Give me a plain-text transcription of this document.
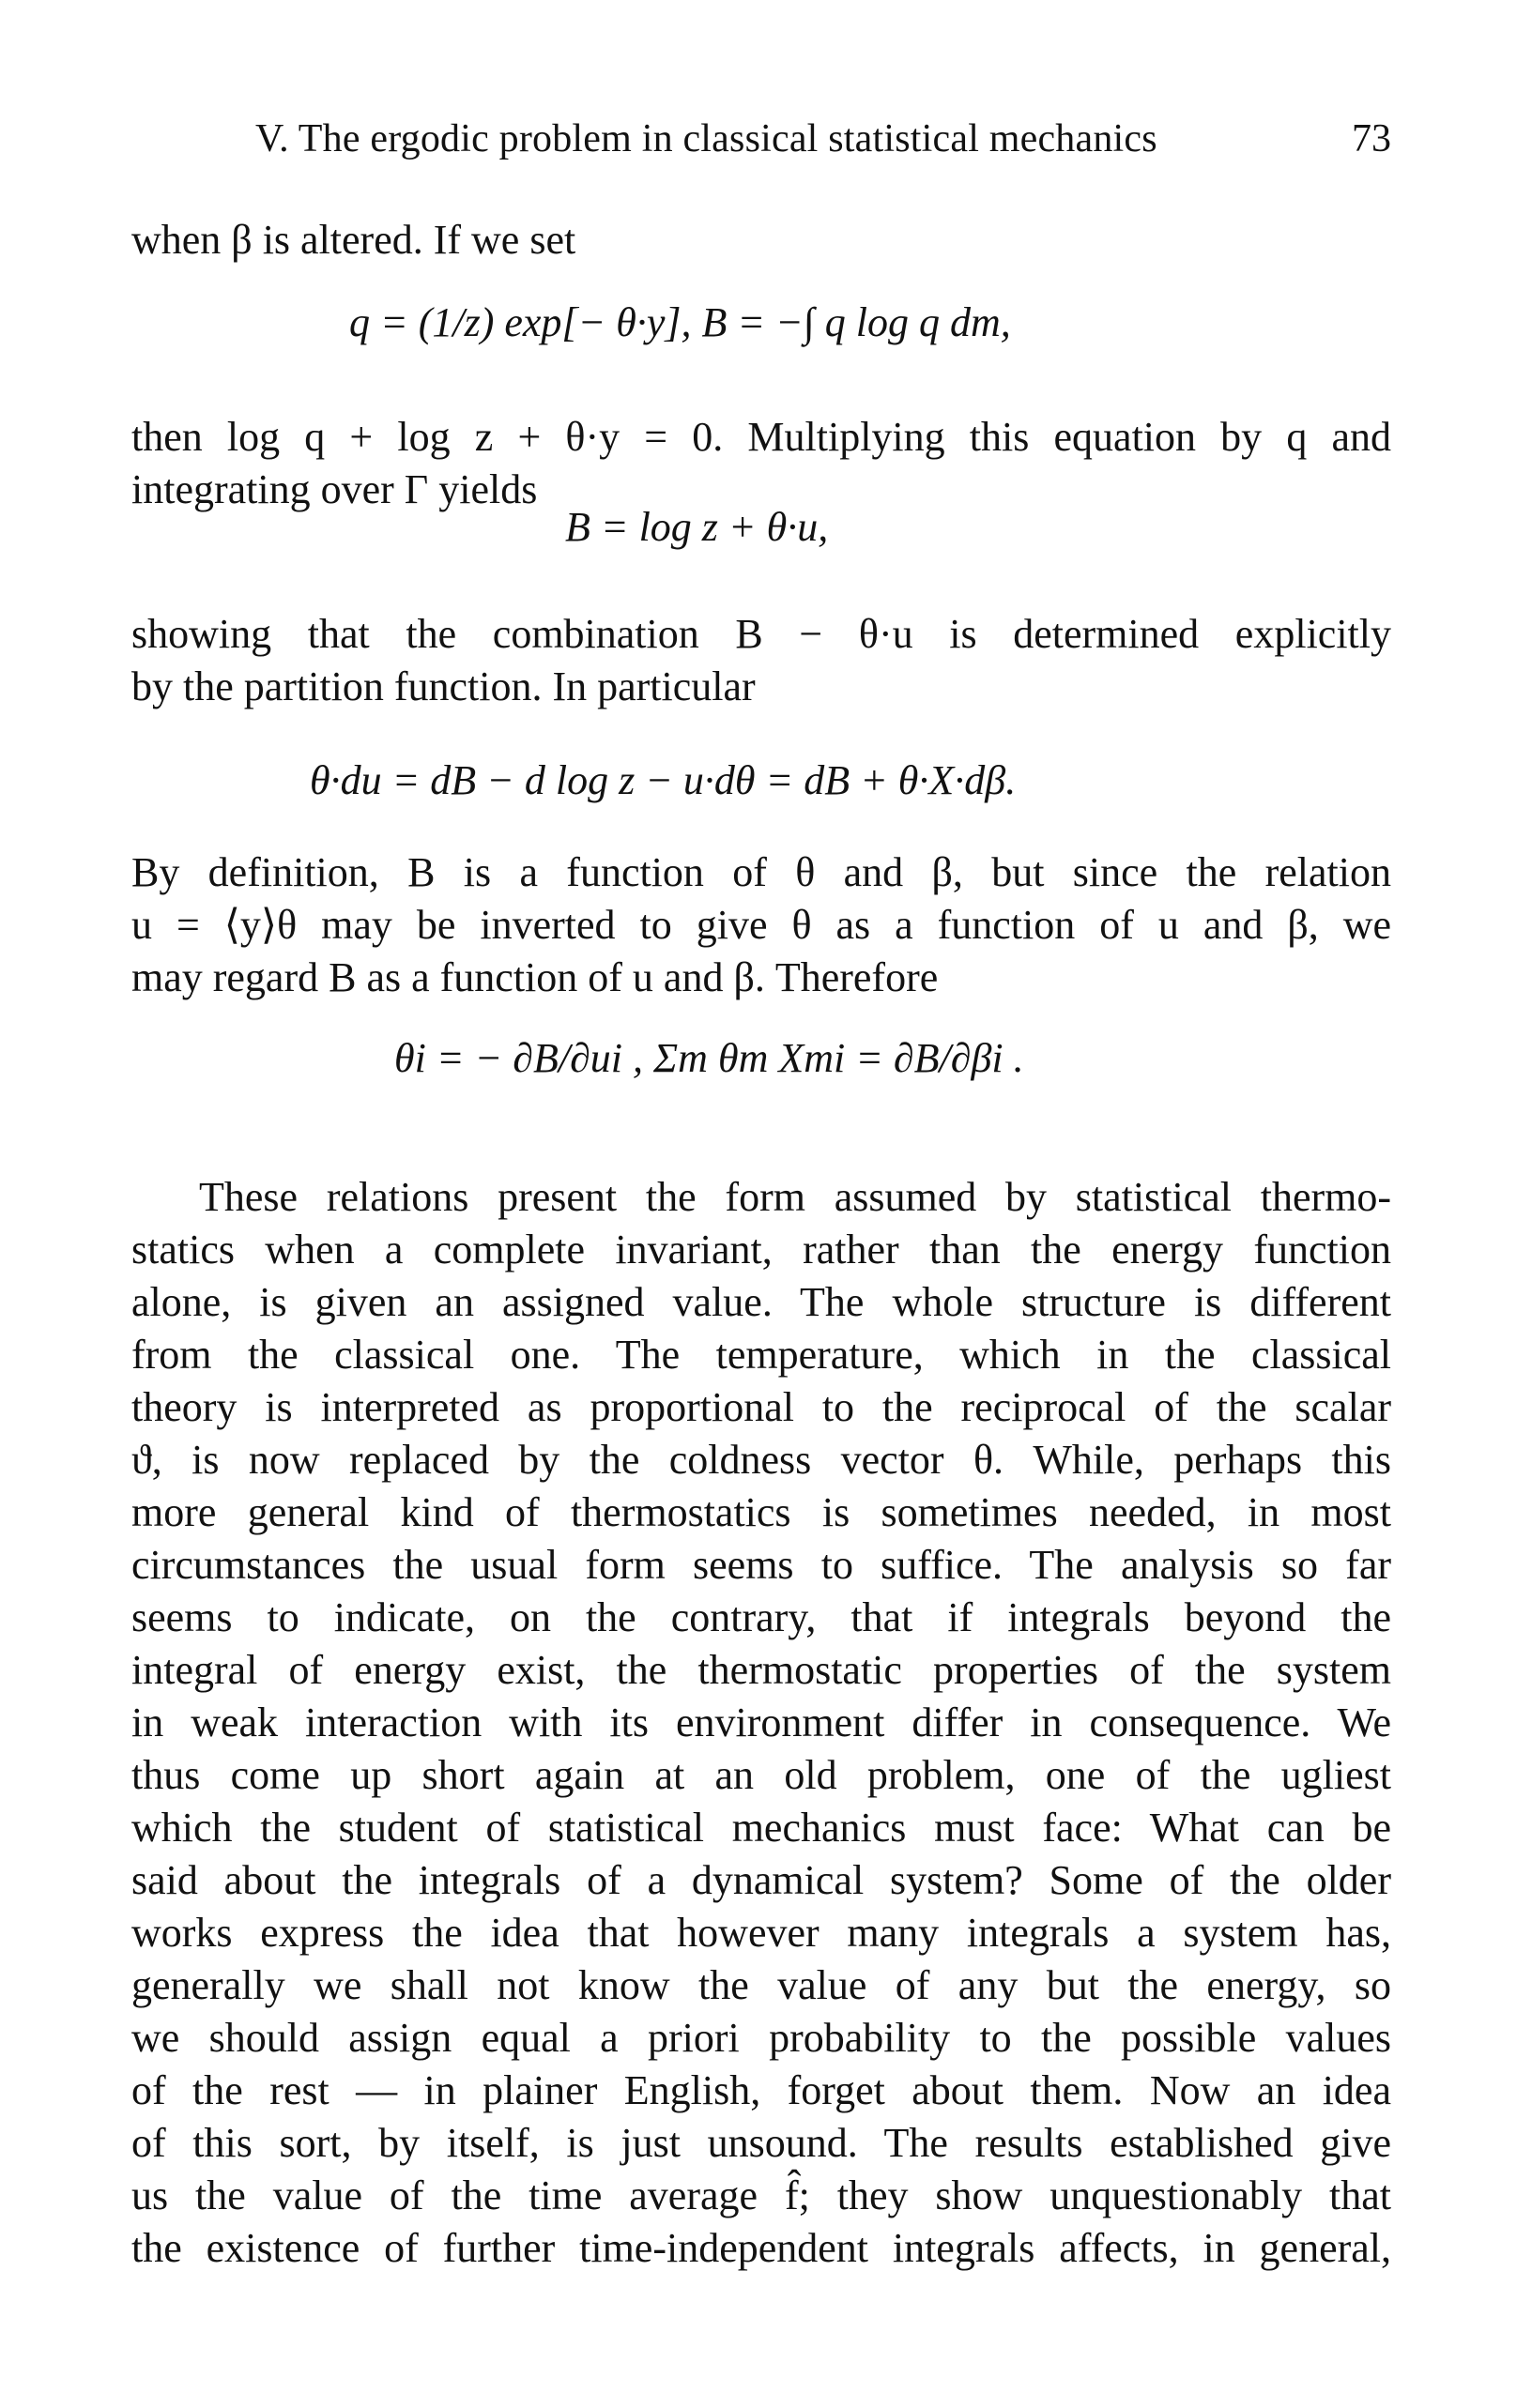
V. The ergodic problem in classical statistical mechanics	73
when β is altered. If we set
q = (1/z) exp[− θ·y], B = −∫ q log q dm,
then log q + log z + θ·y = 0. Multiplying this equation by q and
integrating over Γ yields
B = log z + θ·u,
showing that the combination B − θ·u is determined explicitly
by the partition function. In particular
θ·du = dB − d log z − u·dθ = dB + θ·X·dβ.
By definition, B is a function of θ and β, but since the relation
u = ⟨y⟩θ may be inverted to give θ as a function of u and β, we
may regard B as a function of u and β. Therefore
θi = − ∂B/∂ui , Σm θm Xmi = ∂B/∂βi .
These relations present the form assumed by statistical thermo-
statics when a complete invariant, rather than the energy function
alone, is given an assigned value. The whole structure is different
from the classical one. The temperature, which in the classical
theory is interpreted as proportional to the reciprocal of the scalar
ϑ, is now replaced by the coldness vector θ. While, perhaps this
more general kind of thermostatics is sometimes needed, in most
circumstances the usual form seems to suffice. The analysis so far
seems to indicate, on the contrary, that if integrals beyond the
integral of energy exist, the thermostatic properties of the system
in weak interaction with its environment differ in consequence. We
thus come up short again at an old problem, one of the ugliest
which the student of statistical mechanics must face: What can be
said about the integrals of a dynamical system? Some of the older
works express the idea that however many integrals a system has,
generally we shall not know the value of any but the energy, so
we should assign equal a priori probability to the possible values
of the rest — in plainer English, forget about them. Now an idea
of this sort, by itself, is just unsound. The results established give
us the value of the time average f̂; they show unquestionably that
the existence of further time-independent integrals affects, in general,
